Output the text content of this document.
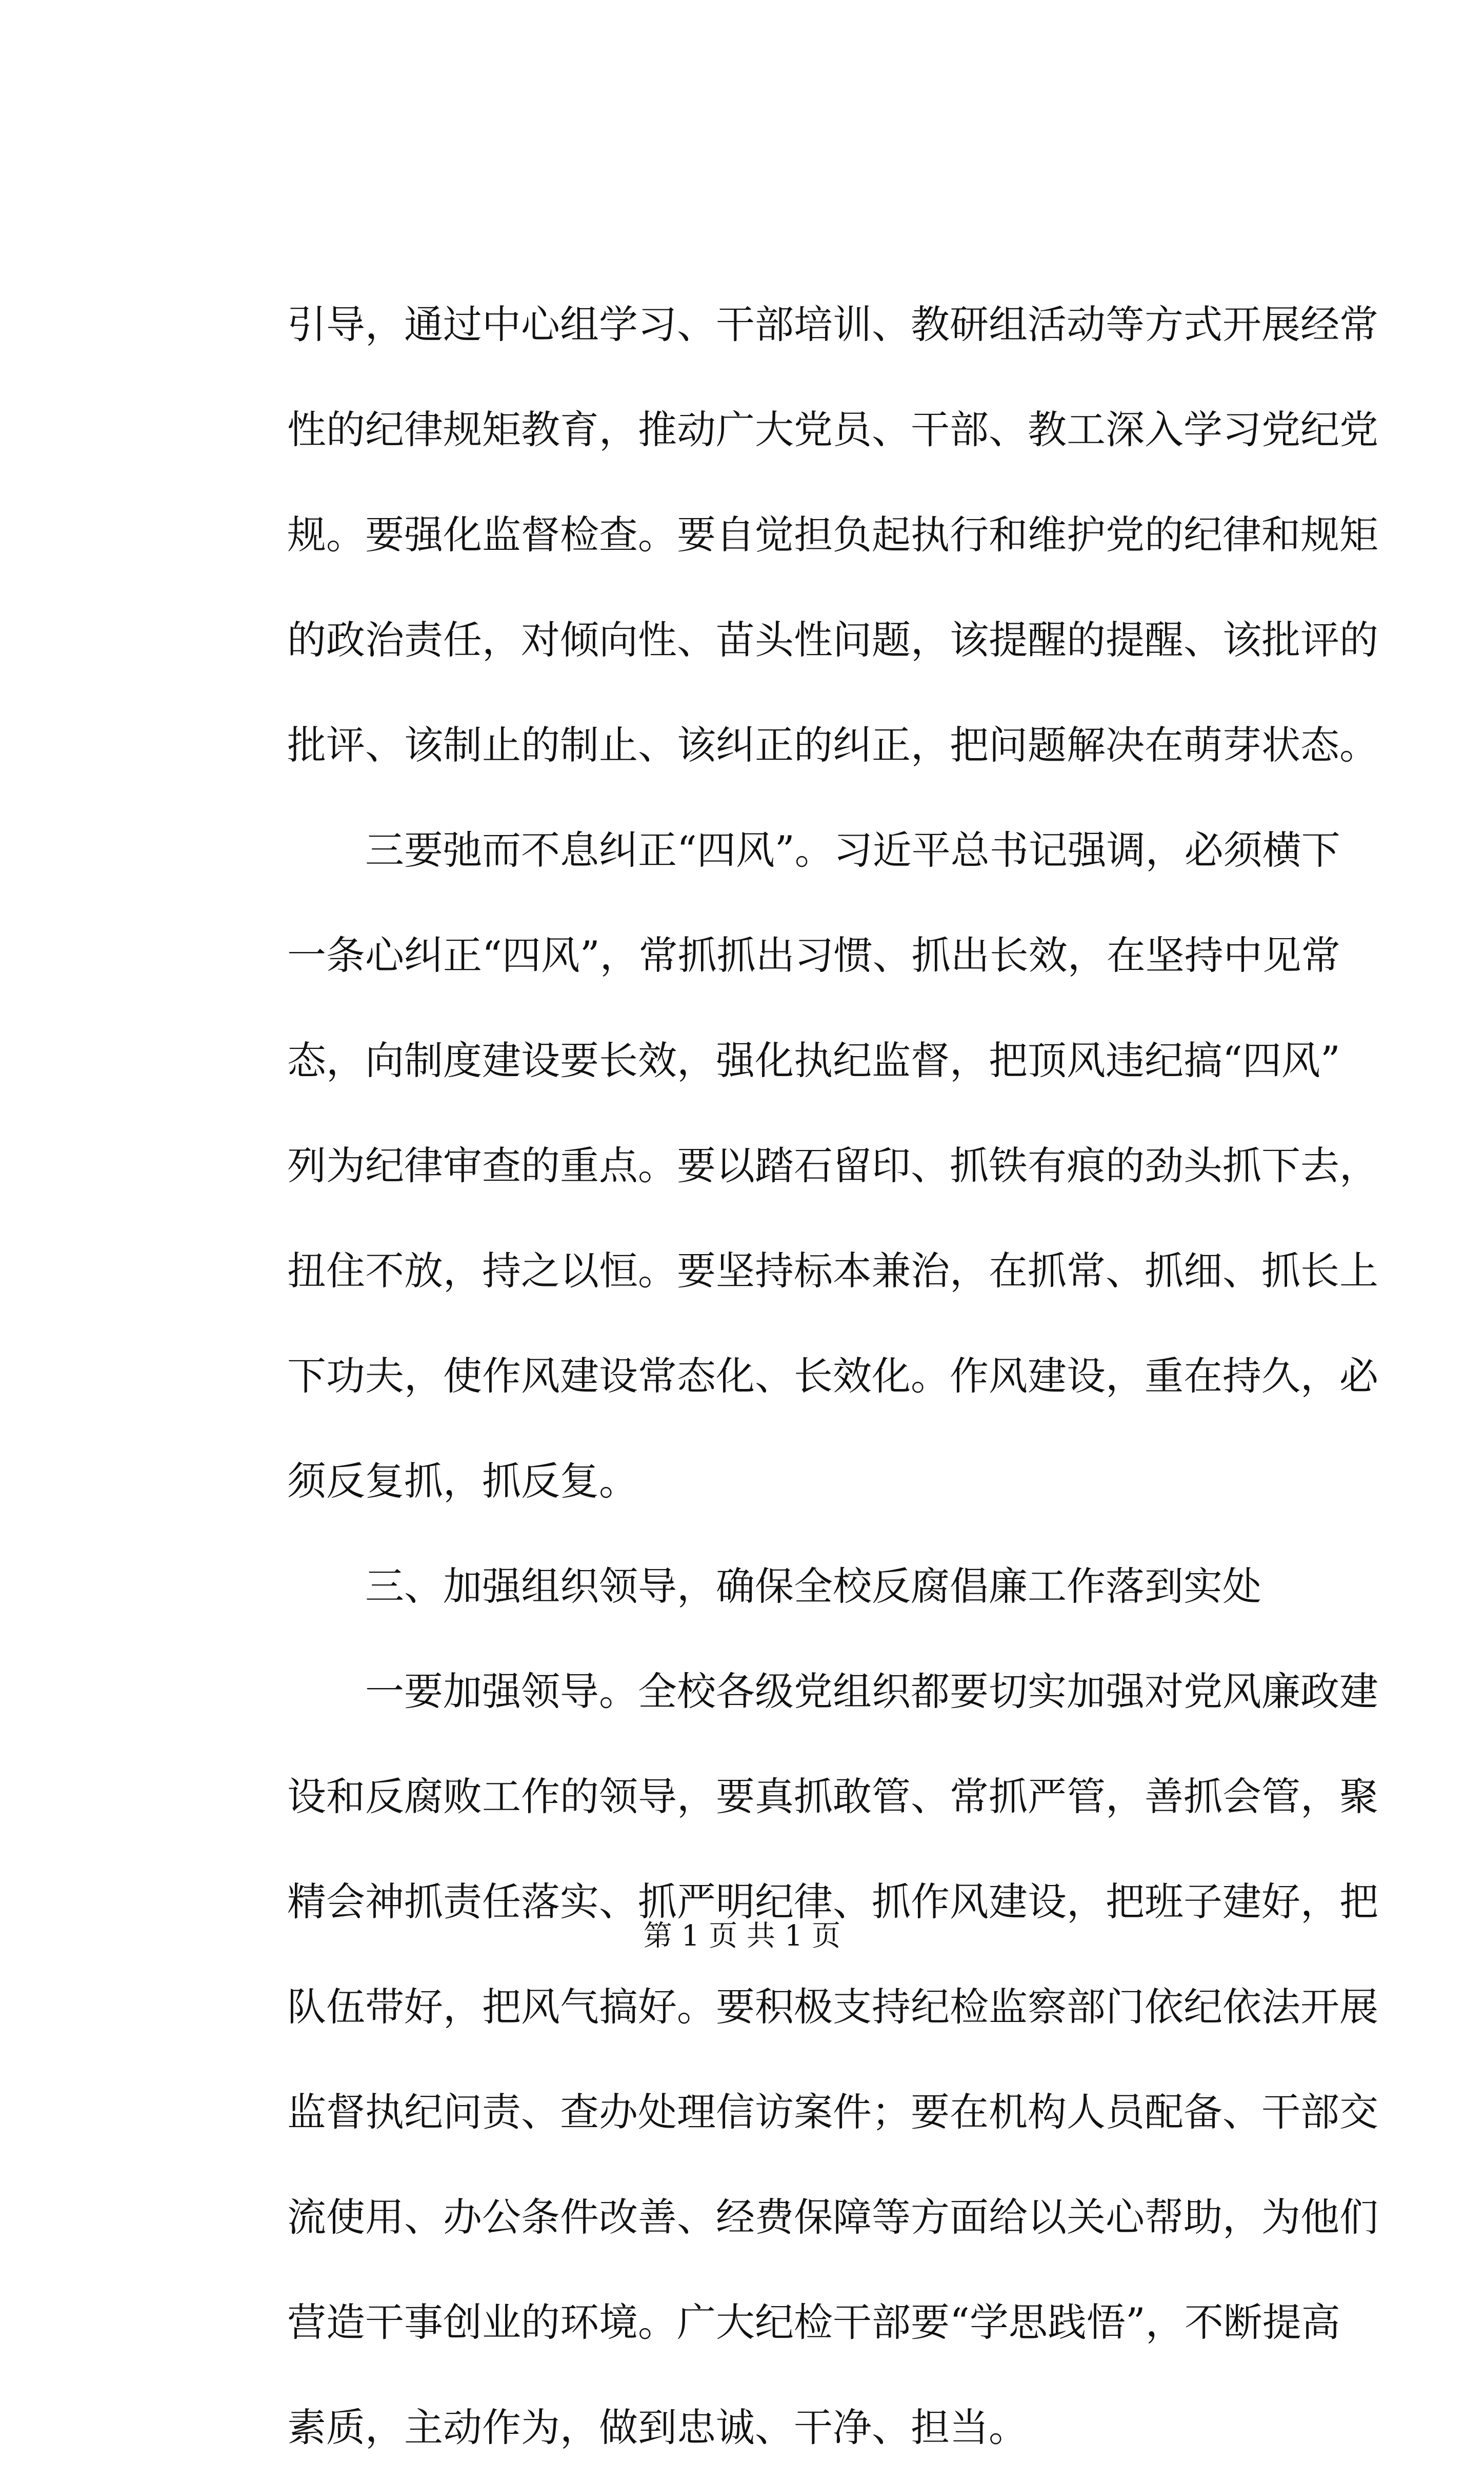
引导，通过中心组学习、干部培训、教研组活动等方式开展经常
性的纪律规矩教育，推动广大党员、干部、教工深入学习党纪党
规。要强化监督检查。要自觉担负起执行和维护党的纪律和规矩
的政治责任，对倾向性、苗头性问题，该提醒的提醒、该批评的
批评、该制止的制止、该纠正的纠正，把问题解决在萌芽状态。
　　三要弛而不息纠正“四风”。习近平总书记强调，必须横下
一条心纠正“四风”，常抓抓出习惯、抓出长效，在坚持中见常
态，向制度建设要长效，强化执纪监督，把顶风违纪搞“四风”
列为纪律审查的重点。要以踏石留印、抓铁有痕的劲头抓下去，
扭住不放，持之以恒。要坚持标本兼治，在抓常、抓细、抓长上
下功夫，使作风建设常态化、长效化。作风建设，重在持久，必
须反复抓，抓反复。
　　三、加强组织领导，确保全校反腐倡廉工作落到实处
　　一要加强领导。全校各级党组织都要切实加强对党风廉政建
设和反腐败工作的领导，要真抓敢管、常抓严管，善抓会管，聚
精会神抓责任落实、抓严明纪律、抓作风建设，把班子建好，把
队伍带好，把风气搞好。要积极支持纪检监察部门依纪依法开展
监督执纪问责、查办处理信访案件；要在机构人员配备、干部交
流使用、办公条件改善、经费保障等方面给以关心帮助，为他们
营造干事创业的环境。广大纪检干部要“学思践悟”，不断提高
素质，主动作为，做到忠诚、干净、担当。
第 1 页 共 1 页
